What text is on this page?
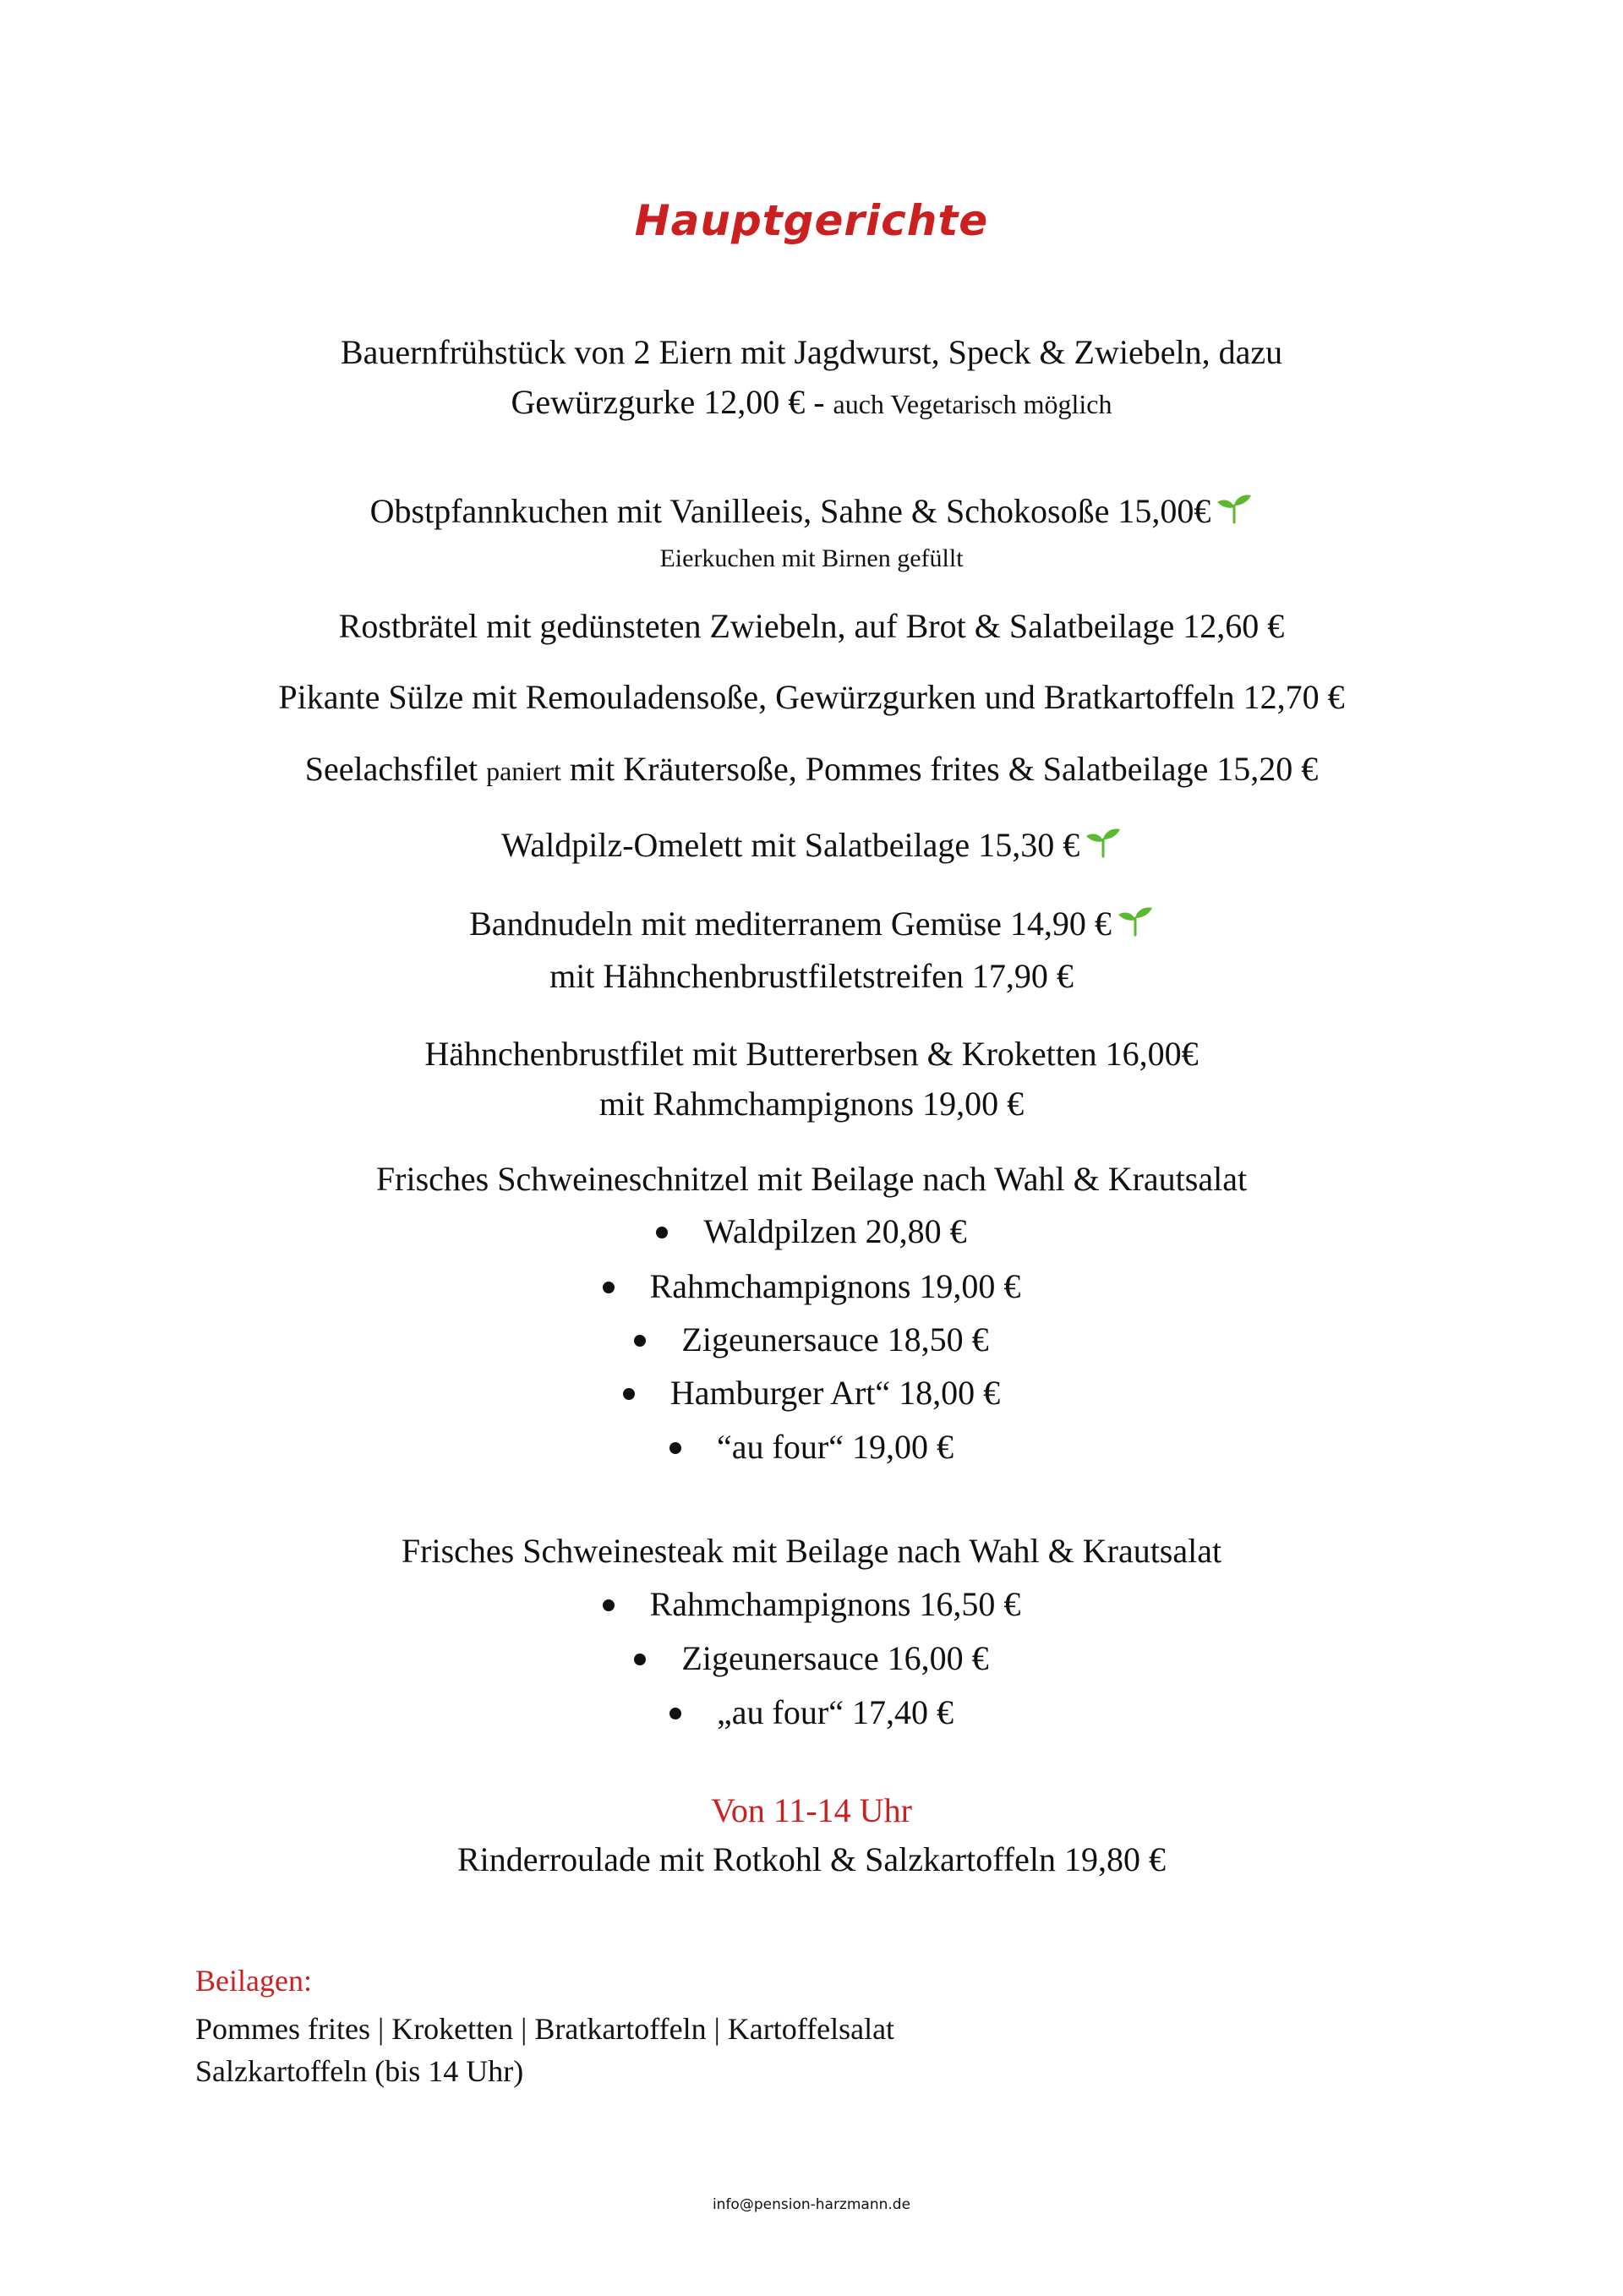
Hauptgerichte
Bauernfrühstück von 2 Eiern mit Jagdwurst, Speck & Zwiebeln, dazu
Gewürzgurke 12,00 € - auch Vegetarisch möglich
Obstpfannkuchen mit Vanilleeis, Sahne & Schokosoße 15,00€
Eierkuchen mit Birnen gefüllt
Rostbrätel mit gedünsteten Zwiebeln, auf Brot & Salatbeilage 12,60 €
Pikante Sülze mit Remouladensoße, Gewürzgurken und Bratkartoffeln 12,70 €
Seelachsfilet paniert mit Kräutersoße, Pommes frites & Salatbeilage 15,20 €
Waldpilz-Omelett mit Salatbeilage 15,30 €
Bandnudeln mit mediterranem Gemüse 14,90 €
mit Hähnchenbrustfiletstreifen 17,90 €
Hähnchenbrustfilet mit Buttererbsen & Kroketten 16,00€
mit Rahmchampignons 19,00 €
Frisches Schweineschnitzel mit Beilage nach Wahl & Krautsalat
Waldpilzen 20,80 €
Rahmchampignons 19,00 €
Zigeunersauce 18,50 €
Hamburger Art“ 18,00 €
“au four“ 19,00 €
Frisches Schweinesteak mit Beilage nach Wahl & Krautsalat
Rahmchampignons 16,50 €
Zigeunersauce 16,00 €
„au four“ 17,40 €
Von 11-14 Uhr
Rinderroulade mit Rotkohl & Salzkartoffeln 19,80 €
Beilagen:
Pommes frites | Kroketten | Bratkartoffeln | Kartoffelsalat
Salzkartoffeln (bis 14 Uhr)
info@pension-harzmann.de
